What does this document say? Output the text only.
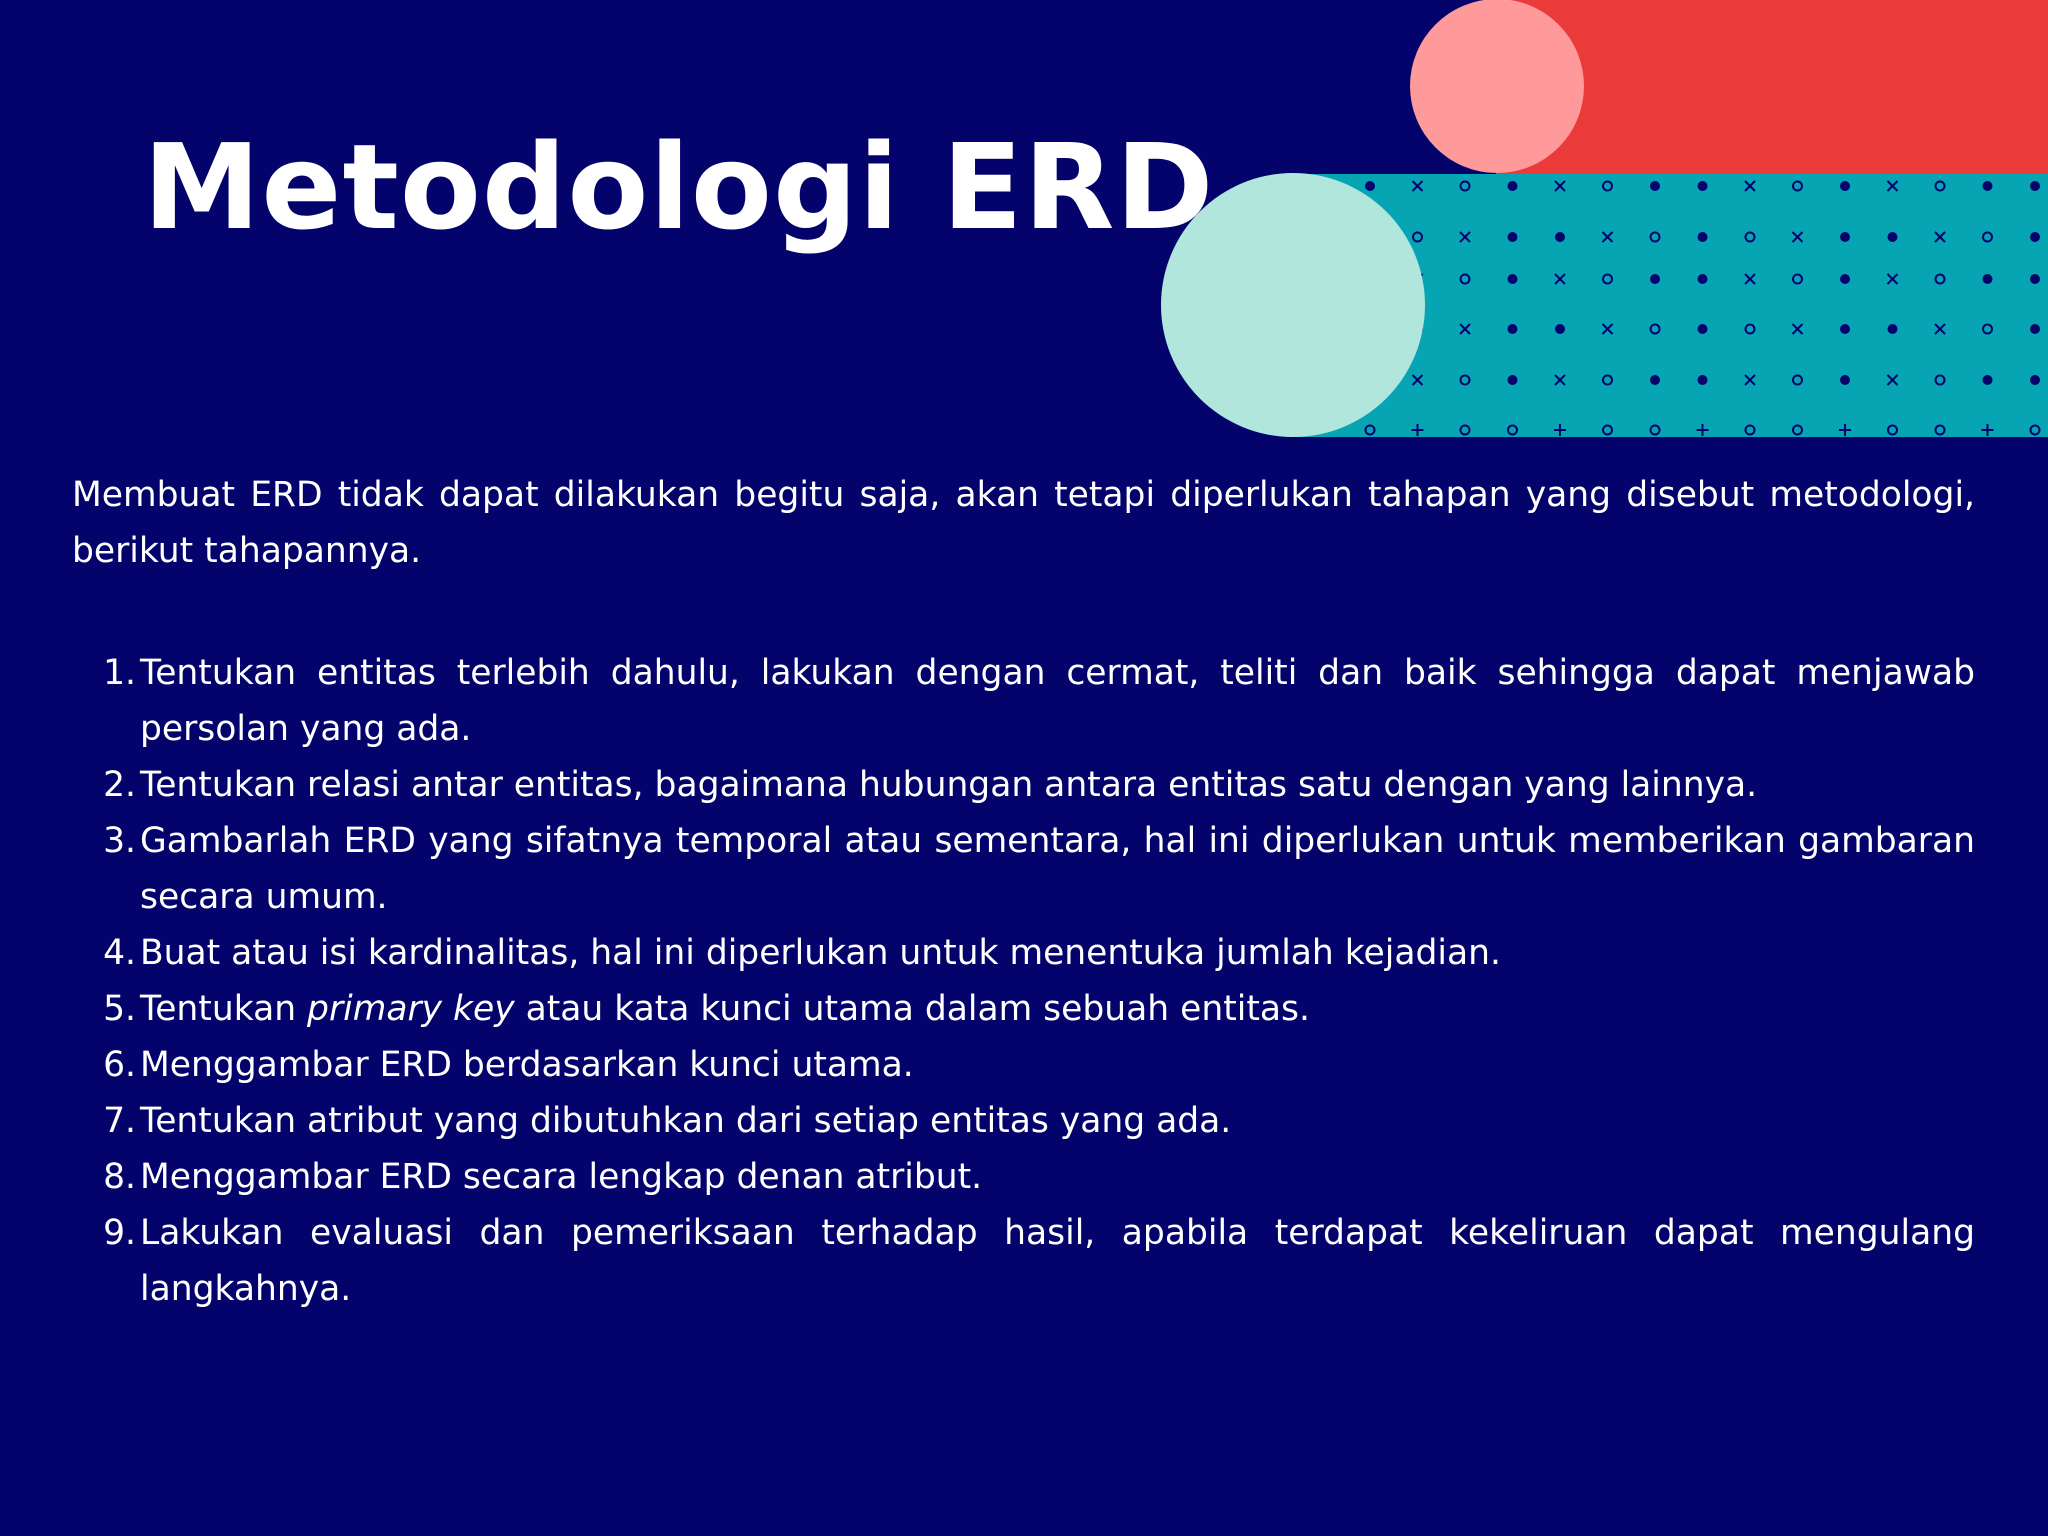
Metodologi ERD

Membuat ERD tidak dapat dilakukan begitu saja, akan tetapi diperlukan tahapan yang disebut metodologi, berikut tahapannya.

1. Tentukan entitas terlebih dahulu, lakukan dengan cermat, teliti dan baik sehingga dapat menjawab persolan yang ada.
2. Tentukan relasi antar entitas, bagaimana hubungan antara entitas satu dengan yang lainnya.
3. Gambarlah ERD yang sifatnya temporal atau sementara, hal ini diperlukan untuk memberikan gambaran secara umum.
4. Buat atau isi kardinalitas, hal ini diperlukan untuk menentuka jumlah kejadian.
5. Tentukan primary key atau kata kunci utama dalam sebuah entitas.
6. Menggambar ERD berdasarkan kunci utama.
7. Tentukan atribut yang dibutuhkan dari setiap entitas yang ada.
8. Menggambar ERD secara lengkap denan atribut.
9. Lakukan evaluasi dan pemeriksaan terhadap hasil, apabila terdapat kekeliruan dapat mengulang langkahnya.
